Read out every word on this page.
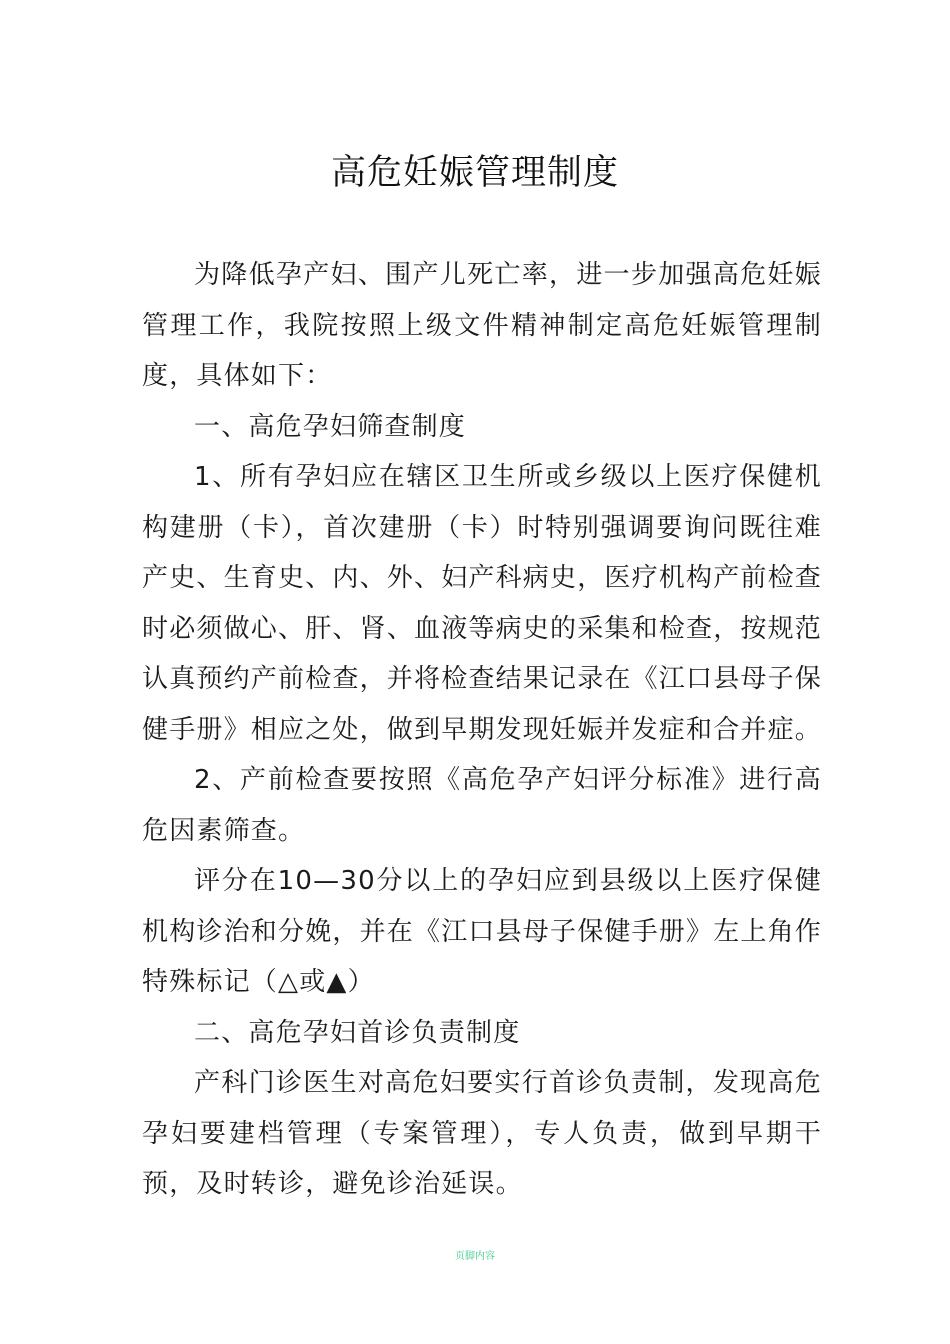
高危妊娠管理制度

为降低孕产妇、围产儿死亡率，进一步加强高危妊娠管理工作，我院按照上级文件精神制定高危妊娠管理制度，具体如下：

一、高危孕妇筛查制度

1、所有孕妇应在辖区卫生所或乡级以上医疗保健机构建册（卡），首次建册（卡）时特别强调要询问既往难产史、生育史、内、外、妇产科病史，医疗机构产前检查时必须做心、肝、肾、血液等病史的采集和检查，按规范认真预约产前检查，并将检查结果记录在《江口县母子保健手册》相应之处，做到早期发现妊娠并发症和合并症。

2、产前检查要按照《高危孕产妇评分标准》进行高危因素筛查。

评分在10—30分以上的孕妇应到县级以上医疗保健机构诊治和分娩，并在《江口县母子保健手册》左上角作特殊标记（△或▲）

二、高危孕妇首诊负责制度

产科门诊医生对高危妇要实行首诊负责制，发现高危孕妇要建档管理（专案管理），专人负责，做到早期干预，及时转诊，避免诊治延误。

页脚内容
